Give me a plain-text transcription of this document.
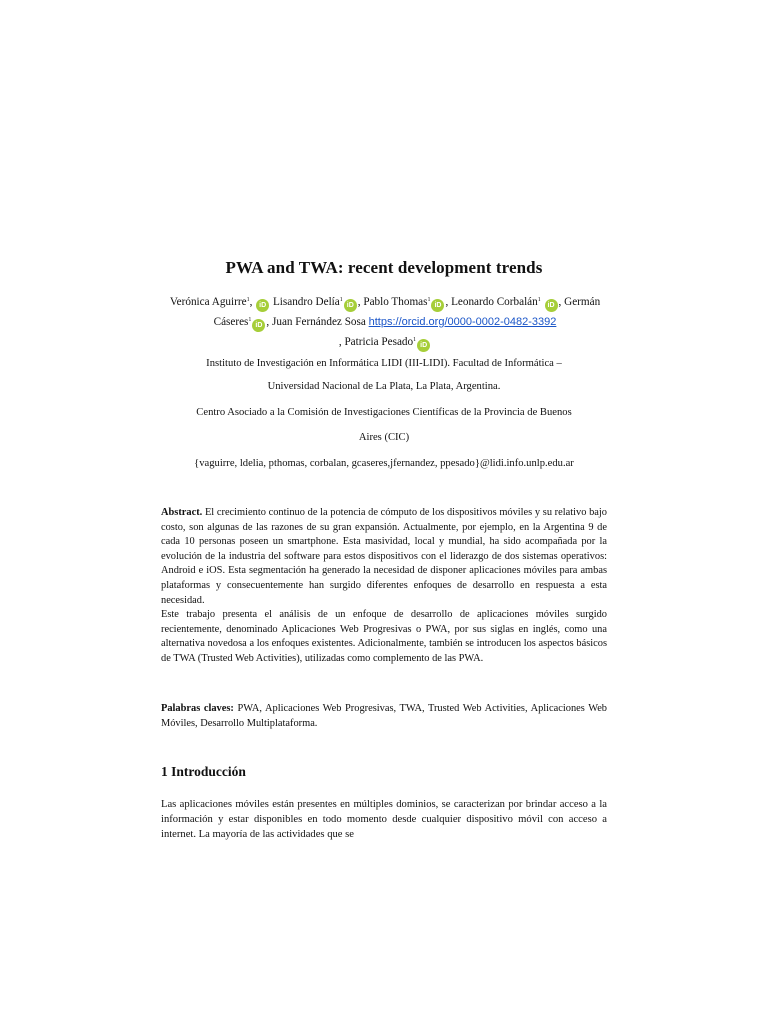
PWA and TWA: recent development trends
Verónica Aguirre$^1$, iD Lisandro Delía$^1$iD , Pablo Thomas$^1$iD , Leonardo Corbalán$^1$ iD , Germán Cáseres$^1$iD , Juan Fernández Sosa https://orcid.org/0000-0002-0482-3392
, Patricia Pesado$^1$iD
Instituto de Investigación en Informática LIDI (III-LIDI). Facultad de Informática –
Universidad Nacional de La Plata, La Plata, Argentina.
Centro Asociado a la Comisión de Investigaciones Científicas de la Provincia de Buenos
Aires (CIC)
{vaguirre, ldelia, pthomas, corbalan, gcaseres,jfernandez, ppesado}@lidi.info.unlp.edu.ar
Abstract. El crecimiento continuo de la potencia de cómputo de los dispositivos móviles y su relativo bajo costo, son algunas de las razones de su gran expansión. Actualmente, por ejemplo, en la Argentina 9 de cada 10 personas poseen un smartphone. Esta masividad, local y mundial, ha sido acompañada por la evolución de la industria del software para estos dispositivos con el liderazgo de dos sistemas operativos: Android e iOS. Esta segmentación ha generado la necesidad de disponer aplicaciones móviles para ambas plataformas y consecuentemente han surgido diferentes enfoques de desarrollo en respuesta a esta necesidad.
Este trabajo presenta el análisis de un enfoque de desarrollo de aplicaciones móviles surgido recientemente, denominado Aplicaciones Web Progresivas o PWA, por sus siglas en inglés, como una alternativa novedosa a los enfoques existentes. Adicionalmente, también se introducen los aspectos básicos de TWA (Trusted Web Activities), utilizadas como complemento de las PWA.
Palabras claves: PWA, Aplicaciones Web Progresivas, TWA, Trusted Web Activities, Aplicaciones Web Móviles, Desarrollo Multiplataforma.
1 Introducción

Las aplicaciones móviles están presentes en múltiples dominios, se caracterizan por brindar acceso a la información y estar disponibles en todo momento desde cualquier dispositivo móvil con acceso a internet. La mayoría de las actividades que se
